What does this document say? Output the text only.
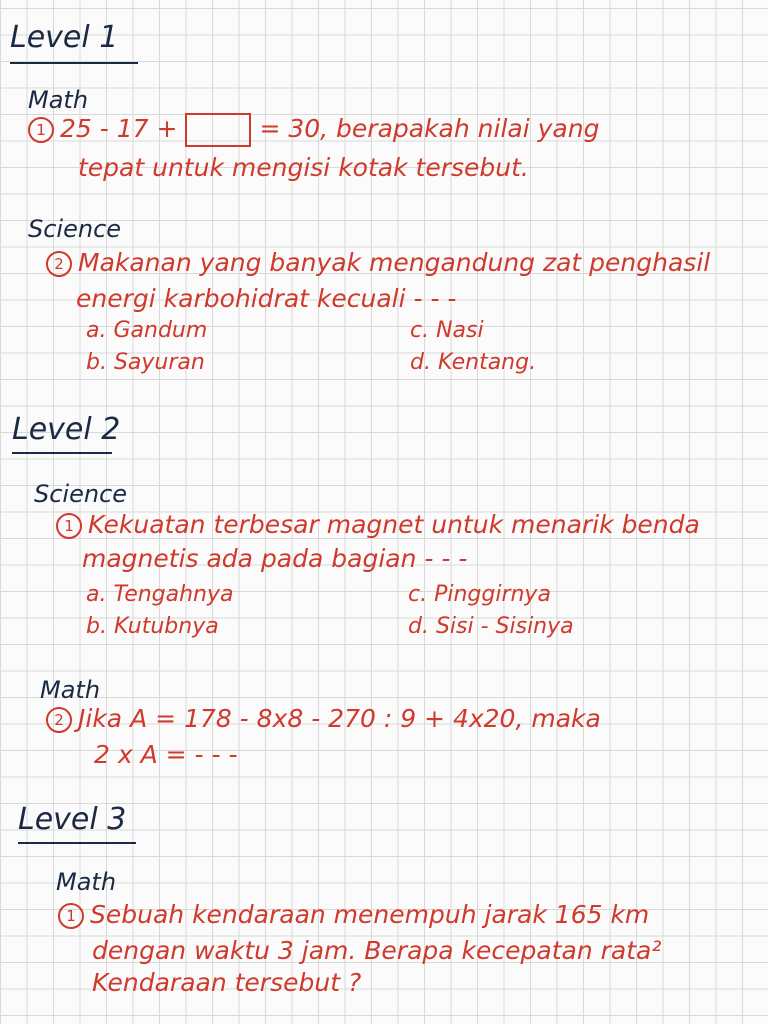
Level 1
Math
1 25 - 17 +	= 30, berapakah nilai yang
tepat untuk mengisi kotak tersebut.
Science
2 Makanan yang banyak mengandung zat penghasil
energi karbohidrat kecuali - - -
a. Gandum	c. Nasi
b. Sayuran	d. Kentang.
Level 2
Science
1 Kekuatan terbesar magnet untuk menarik benda
magnetis ada pada bagian - - -
a. Tengahnya	c. Pinggirnya
b. Kutubnya	d. Sisi - Sisinya
Math
2 Jika A = 178 - 8x8 - 270 : 9 + 4x20, maka
2 x A = - - -
Level 3
Math
1 Sebuah kendaraan menempuh jarak 165 km
dengan waktu 3 jam. Berapa kecepatan rata²
Kendaraan tersebut ?
